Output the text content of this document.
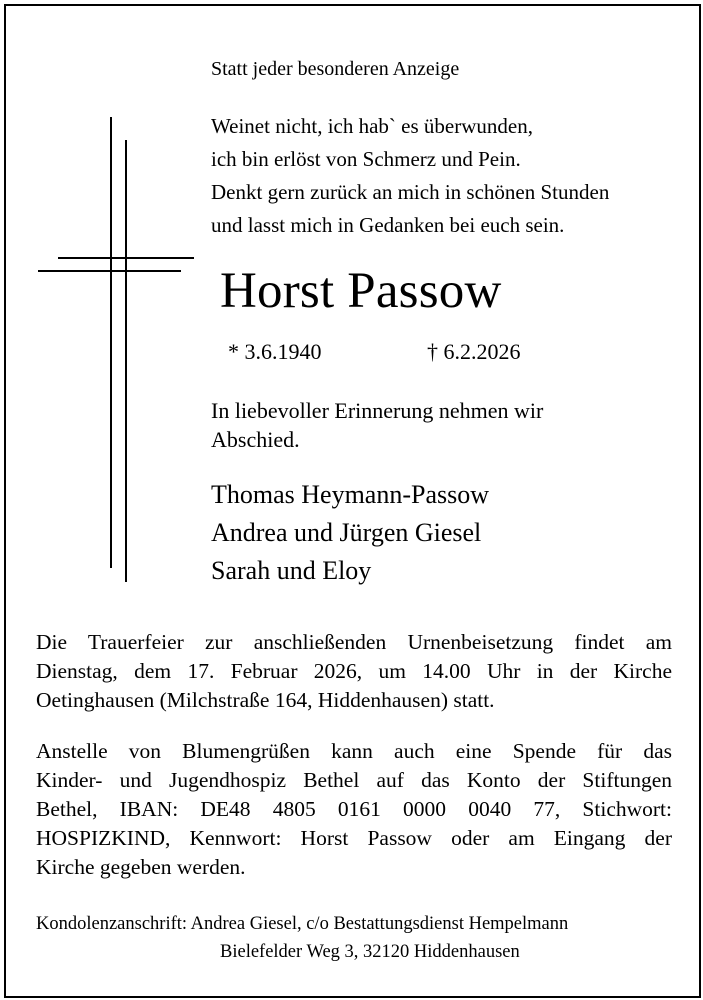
Statt jeder besonderen Anzeige
Weinet nicht, ich hab` es überwunden,
ich bin erlöst von Schmerz und Pein.
Denkt gern zurück an mich in schönen Stunden
und lasst mich in Gedanken bei euch sein.
Horst Passow
* 3.6.1940	† 6.2.2026
In liebevoller Erinnerung nehmen wir
Abschied.
Thomas Heymann-Passow
Andrea und Jürgen Giesel
Sarah und Eloy
Die Trauerfeier zur anschließenden Urnenbeisetzung findet am
Dienstag, dem 17. Februar 2026, um 14.00 Uhr in der Kirche
Oetinghausen (Milchstraße 164, Hiddenhausen) statt.
Anstelle von Blumengrüßen kann auch eine Spende für das
Kinder- und Jugendhospiz Bethel auf das Konto der Stiftungen
Bethel, IBAN: DE48 4805 0161 0000 0040 77, Stichwort:
HOSPIZKIND, Kennwort: Horst Passow oder am Eingang der
Kirche gegeben werden.
Kondolenzanschrift: Andrea Giesel, c/o Bestattungsdienst Hempelmann
Bielefelder Weg 3, 32120 Hiddenhausen
